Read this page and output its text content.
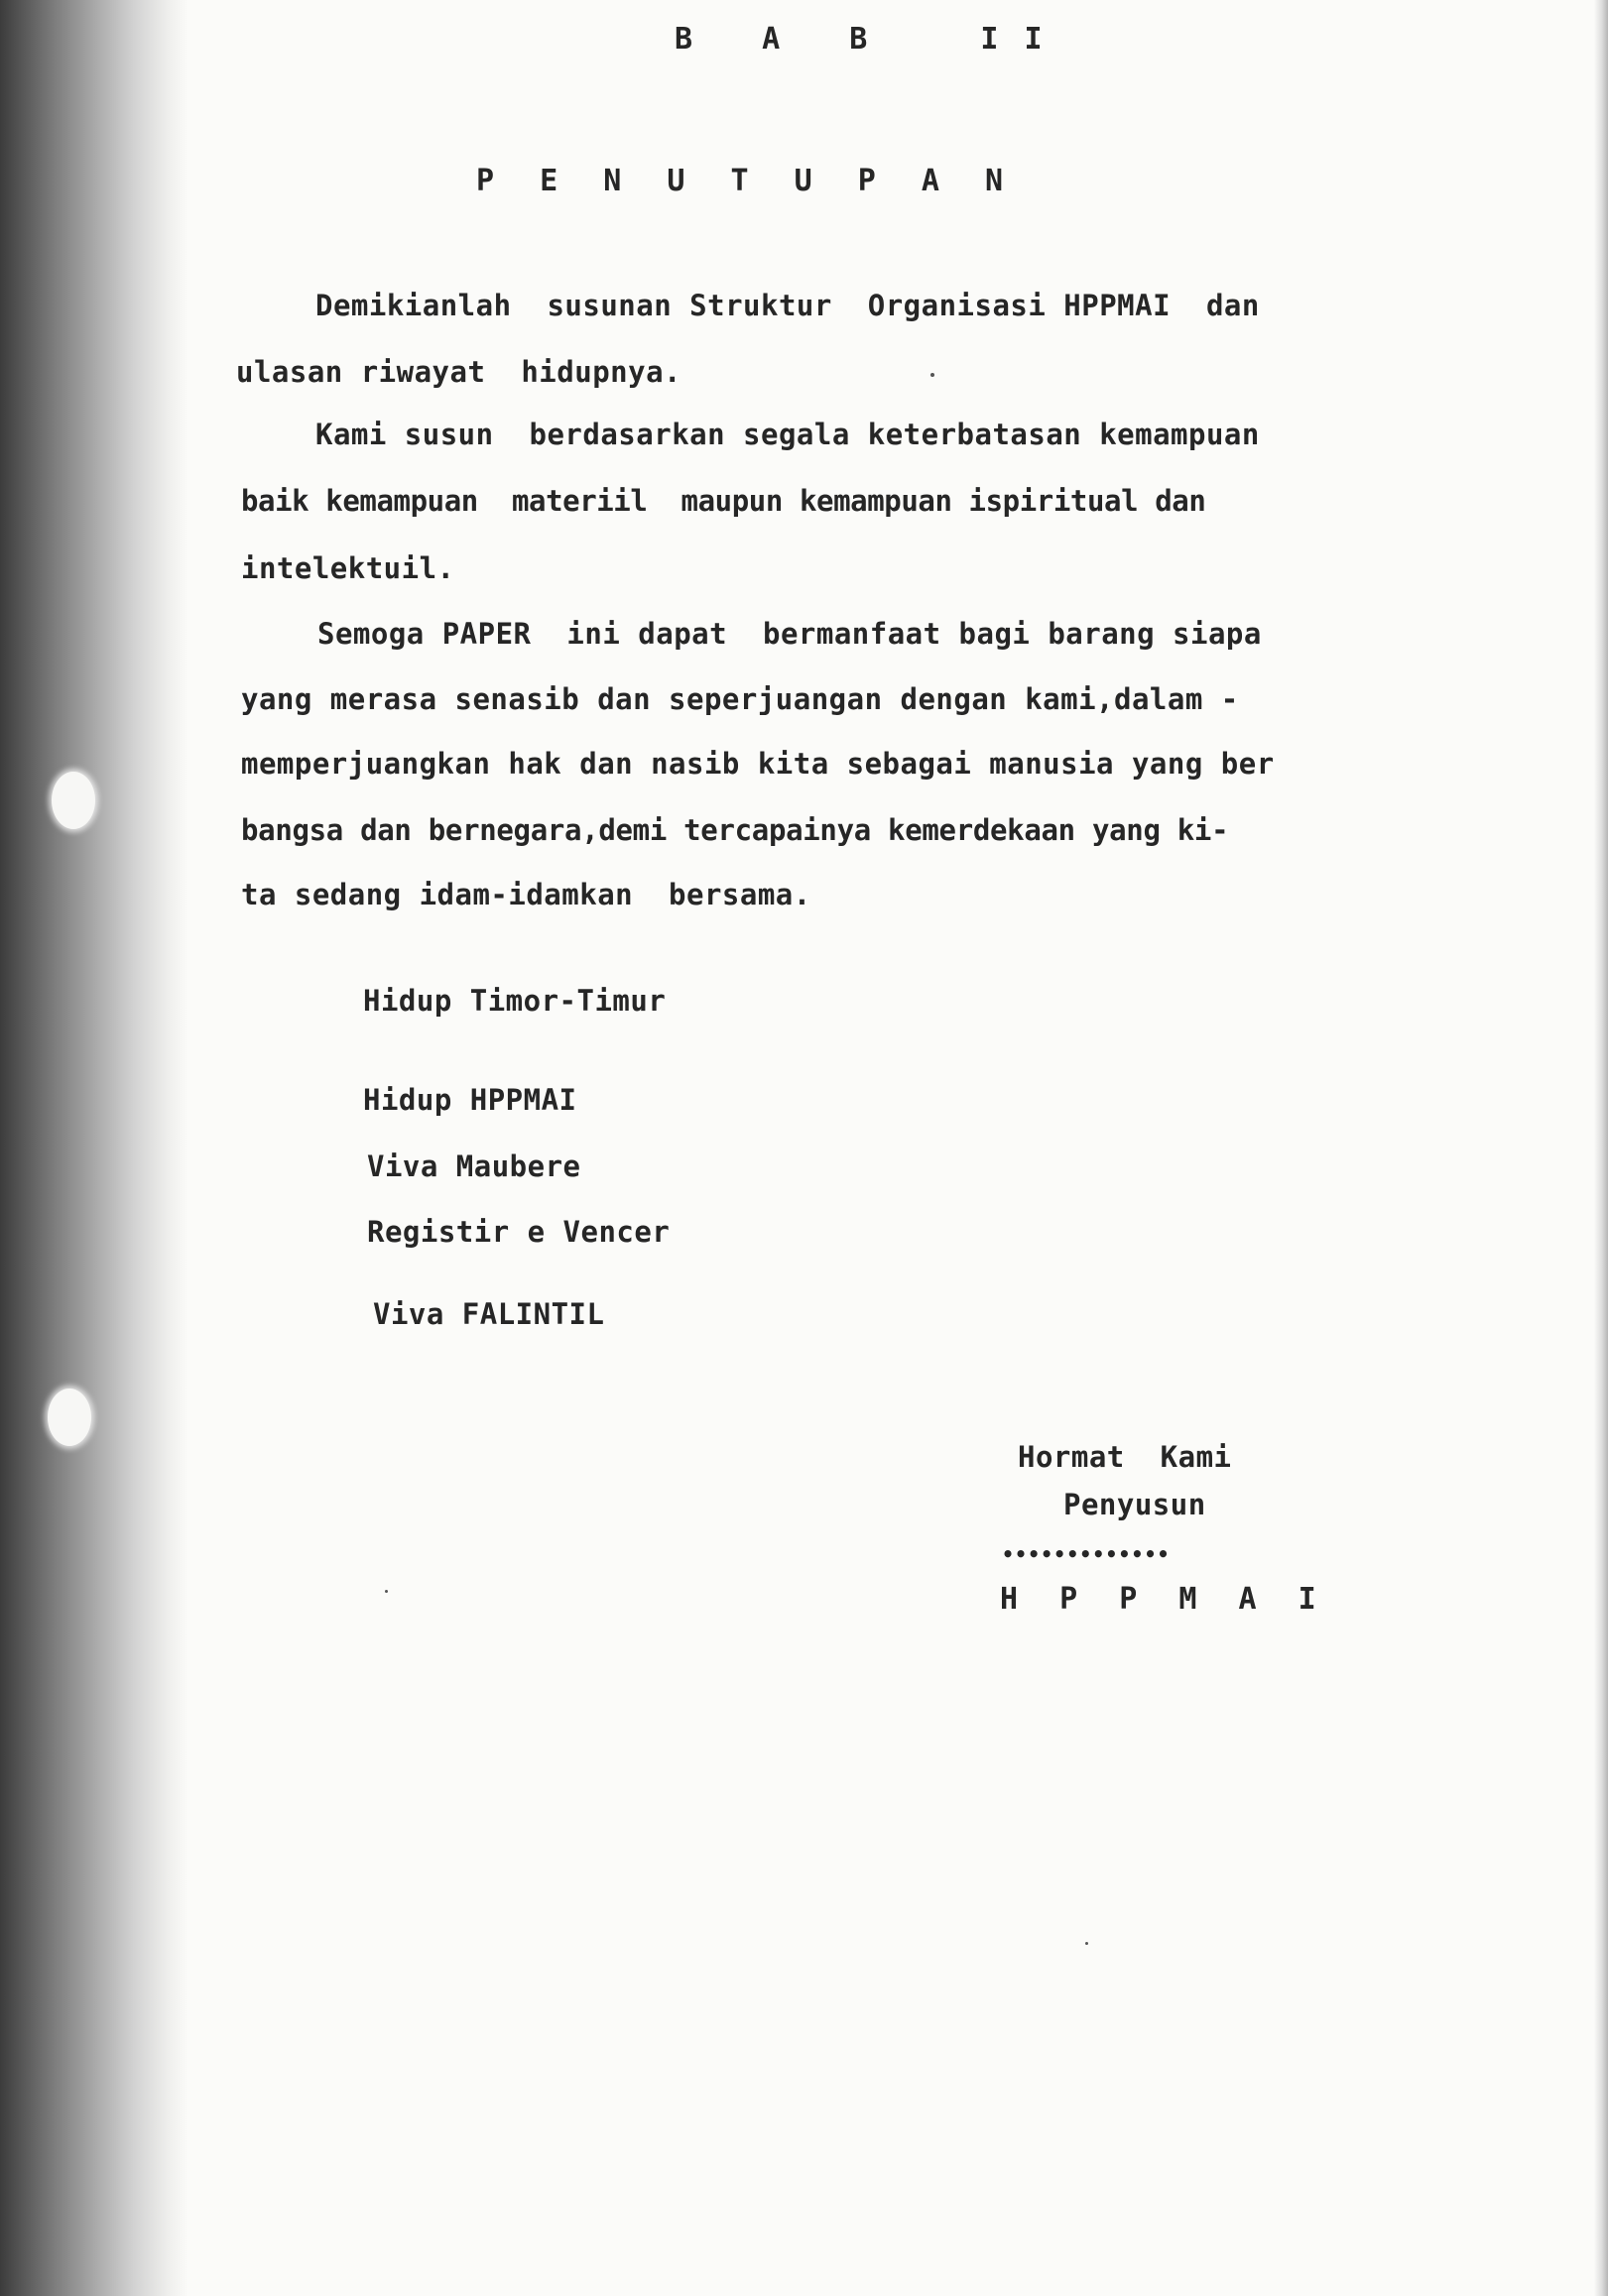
B A B  II
P E N U T U P A N
Demikianlah  susunan Struktur  Organisasi HPPMAI  dan
ulasan riwayat  hidupnya.
Kami susun  berdasarkan segala keterbatasan kemampuan
baik kemampuan  materiil  maupun kemampuan ispiritual dan
intelektuil.
Semoga PAPER  ini dapat  bermanfaat bagi barang siapa
yang merasa senasib dan seperjuangan dengan kami,dalam -
memperjuangkan hak dan nasib kita sebagai manusia yang ber
bangsa dan bernegara,demi tercapainya kemerdekaan yang ki-
ta sedang idam-idamkan  bersama.
Hidup Timor-Timur
Hidup HPPMAI
Viva Maubere
Registir e Vencer
Viva FALINTIL
Hormat  Kami
Penyusun
•••••••••••••
H P P M A I
